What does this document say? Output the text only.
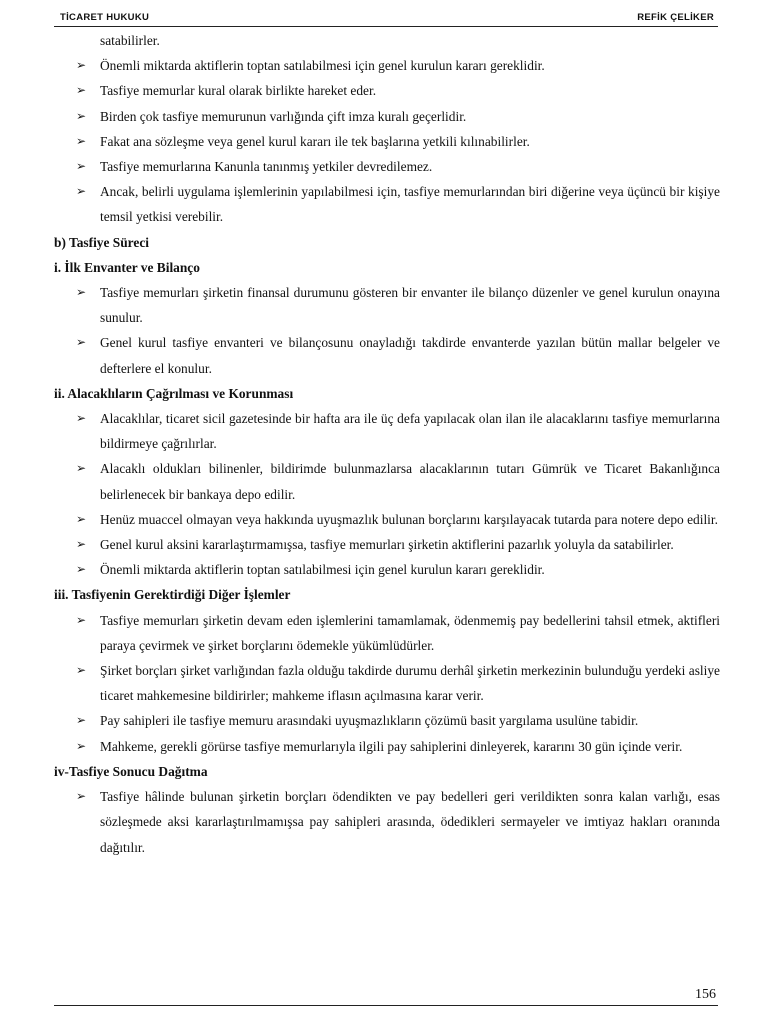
TİCARET HUKUKU	REFİK ÇELİKER
satabilirler.
➢ Önemli miktarda aktiflerin toptan satılabilmesi için genel kurulun kararı gereklidir.
➢ Tasfiye memurlar kural olarak birlikte hareket eder.
➢ Birden çok tasfiye memurunun varlığında çift imza kuralı geçerlidir.
➢ Fakat ana sözleşme veya genel kurul kararı ile tek başlarına yetkili kılınabilirler.
➢ Tasfiye memurlarına Kanunla tanınmış yetkiler devredilemez.
➢ Ancak, belirli uygulama işlemlerinin yapılabilmesi için, tasfiye memurlarından biri diğerine veya üçüncü bir kişiye temsil yetkisi verebilir.
b) Tasfiye Süreci
i. İlk Envanter ve Bilanço
➢ Tasfiye memurları şirketin finansal durumunu gösteren bir envanter ile bilanço düzenler ve genel kurulun onayına sunulur.
➢ Genel kurul tasfiye envanteri ve bilançosunu onayladığı takdirde envanterde yazılan bütün mallar belgeler ve defterlere el konulur.
ii. Alacaklıların Çağrılması ve Korunması
➢ Alacaklılar, ticaret sicil gazetesinde bir hafta ara ile üç defa yapılacak olan ilan ile alacaklarını tasfiye memurlarına bildirmeye çağrılırlar.
➢ Alacaklı oldukları bilinenler, bildirimde bulunmazlarsa alacaklarının tutarı Gümrük ve Ticaret Bakanlığınca belirlenecek bir bankaya depo edilir.
➢ Henüz muaccel olmayan veya hakkında uyuşmazlık bulunan borçlarını karşılayacak tutarda para notere depo edilir.
➢ Genel kurul aksini kararlaştırmamışsa, tasfiye memurları şirketin aktiflerini pazarlık yoluyla da satabilirler.
➢ Önemli miktarda aktiflerin toptan satılabilmesi için genel kurulun kararı gereklidir.
iii. Tasfiyenin Gerektirdiği Diğer İşlemler
➢ Tasfiye memurları şirketin devam eden işlemlerini tamamlamak, ödenmemiş pay bedellerini tahsil etmek, aktifleri paraya çevirmek ve şirket borçlarını ödemekle yükümlüdürler.
➢ Şirket borçları şirket varlığından fazla olduğu takdirde durumu derhâl şirketin merkezinin bulunduğu yerdeki asliye ticaret mahkemesine bildirirler; mahkeme iflasın açılmasına karar verir.
➢ Pay sahipleri ile tasfiye memuru arasındaki uyuşmazlıkların çözümü basit yargılama usulüne tabidir.
➢ Mahkeme, gerekli görürse tasfiye memurlarıyla ilgili pay sahiplerini dinleyerek, kararını 30 gün içinde verir.
iv-Tasfiye Sonucu Dağıtma
➢ Tasfiye hâlinde bulunan şirketin borçları ödendikten ve pay bedelleri geri verildikten sonra kalan varlığı, esas sözleşmede aksi kararlaştırılmamışsa pay sahipleri arasında, ödedikleri sermayeler ve imtiyaz hakları oranında dağıtılır.
156
